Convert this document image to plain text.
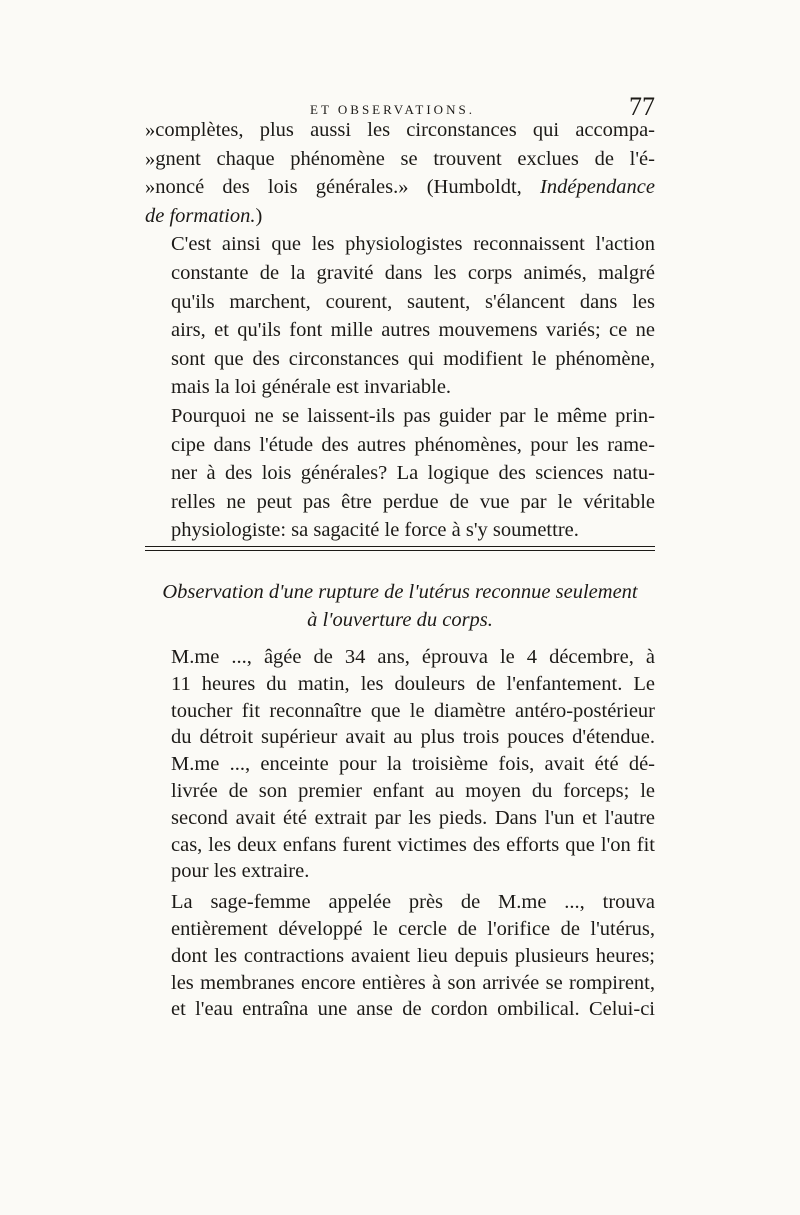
ET OBSERVATIONS.	77

»complètes, plus aussi les circonstances qui accompa-
»gnent chaque phénomène se trouvent exclues de l'é-
»noncé des lois générales.» (Humboldt, Indépendance
de formation.)

C'est ainsi que les physiologistes reconnaissent l'action
constante de la gravité dans les corps animés, malgré
qu'ils marchent, courent, sautent, s'élancent dans les
airs, et qu'ils font mille autres mouvemens variés; ce ne
sont que des circonstances qui modifient le phénomène,
mais la loi générale est invariable.

Pourquoi ne se laissent-ils pas guider par le même prin-
cipe dans l'étude des autres phénomènes, pour les rame-
ner à des lois générales? La logique des sciences natu-
relles ne peut pas être perdue de vue par le véritable
physiologiste: sa sagacité le force à s'y soumettre.

Observation d'une rupture de l'utérus reconnue seulement
à l'ouverture du corps.

M.me ..., âgée de 34 ans, éprouva le 4 décembre, à
11 heures du matin, les douleurs de l'enfantement. Le
toucher fit reconnaître que le diamètre antéro-postérieur
du détroit supérieur avait au plus trois pouces d'étendue.
M.me ..., enceinte pour la troisième fois, avait été dé-
livrée de son premier enfant au moyen du forceps; le
second avait été extrait par les pieds. Dans l'un et l'autre
cas, les deux enfans furent victimes des efforts que l'on fit
pour les extraire.

La sage-femme appelée près de M.me ..., trouva
entièrement développé le cercle de l'orifice de l'utérus,
dont les contractions avaient lieu depuis plusieurs heures;
les membranes encore entières à son arrivée se rompirent,
et l'eau entraîna une anse de cordon ombilical. Celui-ci
